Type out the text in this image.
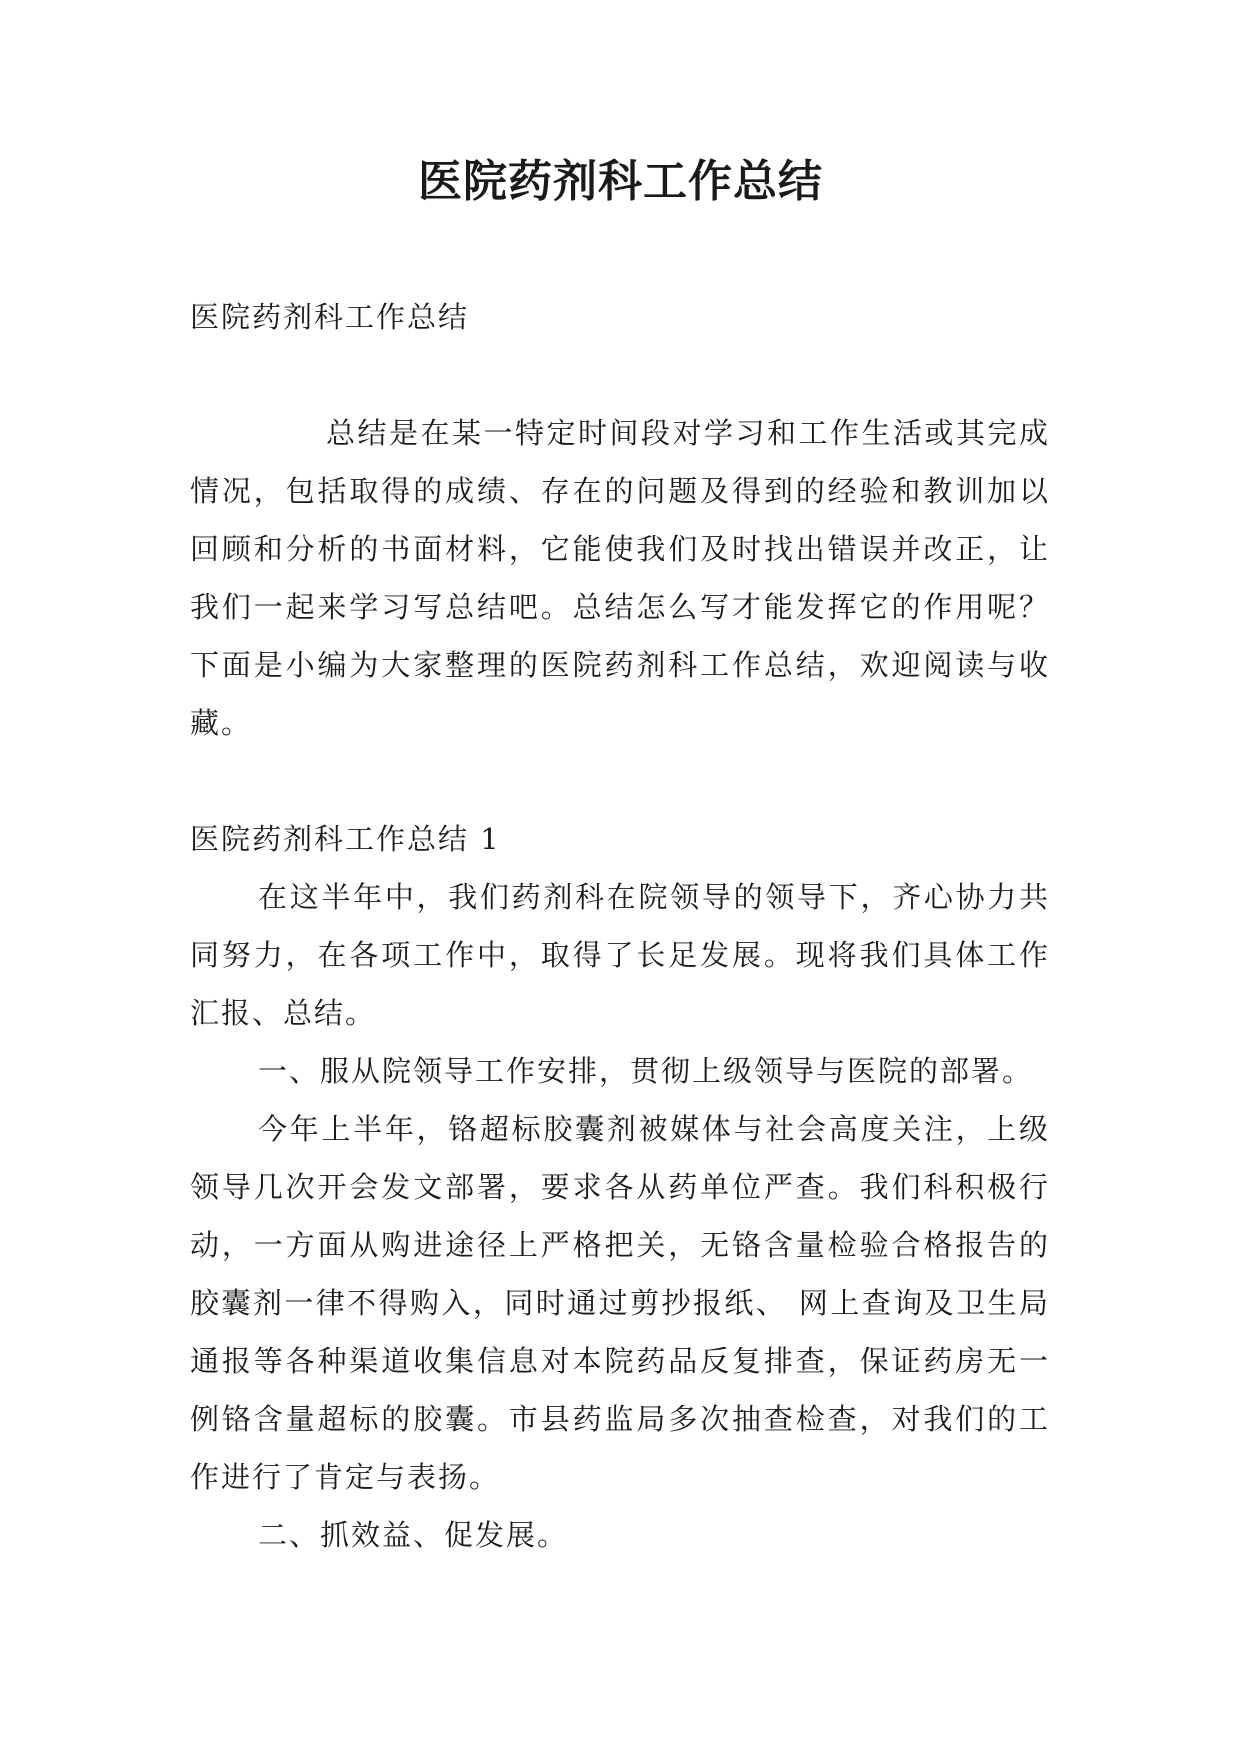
医院药剂科工作总结

医院药剂科工作总结

总结是在某一特定时间段对学习和工作生活或其完成情况，包括取得的成绩、存在的问题及得到的经验和教训加以回顾和分析的书面材料，它能使我们及时找出错误并改正，让我们一起来学习写总结吧。总结怎么写才能发挥它的作用呢？下面是小编为大家整理的医院药剂科工作总结，欢迎阅读与收藏。

医院药剂科工作总结 1

在这半年中，我们药剂科在院领导的领导下，齐心协力共同努力，在各项工作中，取得了长足发展。现将我们具体工作汇报、总结。

一、服从院领导工作安排，贯彻上级领导与医院的部署。

今年上半年，铬超标胶囊剂被媒体与社会高度关注，上级领导几次开会发文部署，要求各从药单位严查。我们科积极行动，一方面从购进途径上严格把关，无铬含量检验合格报告的胶囊剂一律不得购入，同时通过剪抄报纸、 网上查询及卫生局通报等各种渠道收集信息对本院药品反复排查，保证药房无一例铬含量超标的胶囊。市县药监局多次抽查检查，对我们的工作进行了肯定与表扬。

二、抓效益、促发展。
